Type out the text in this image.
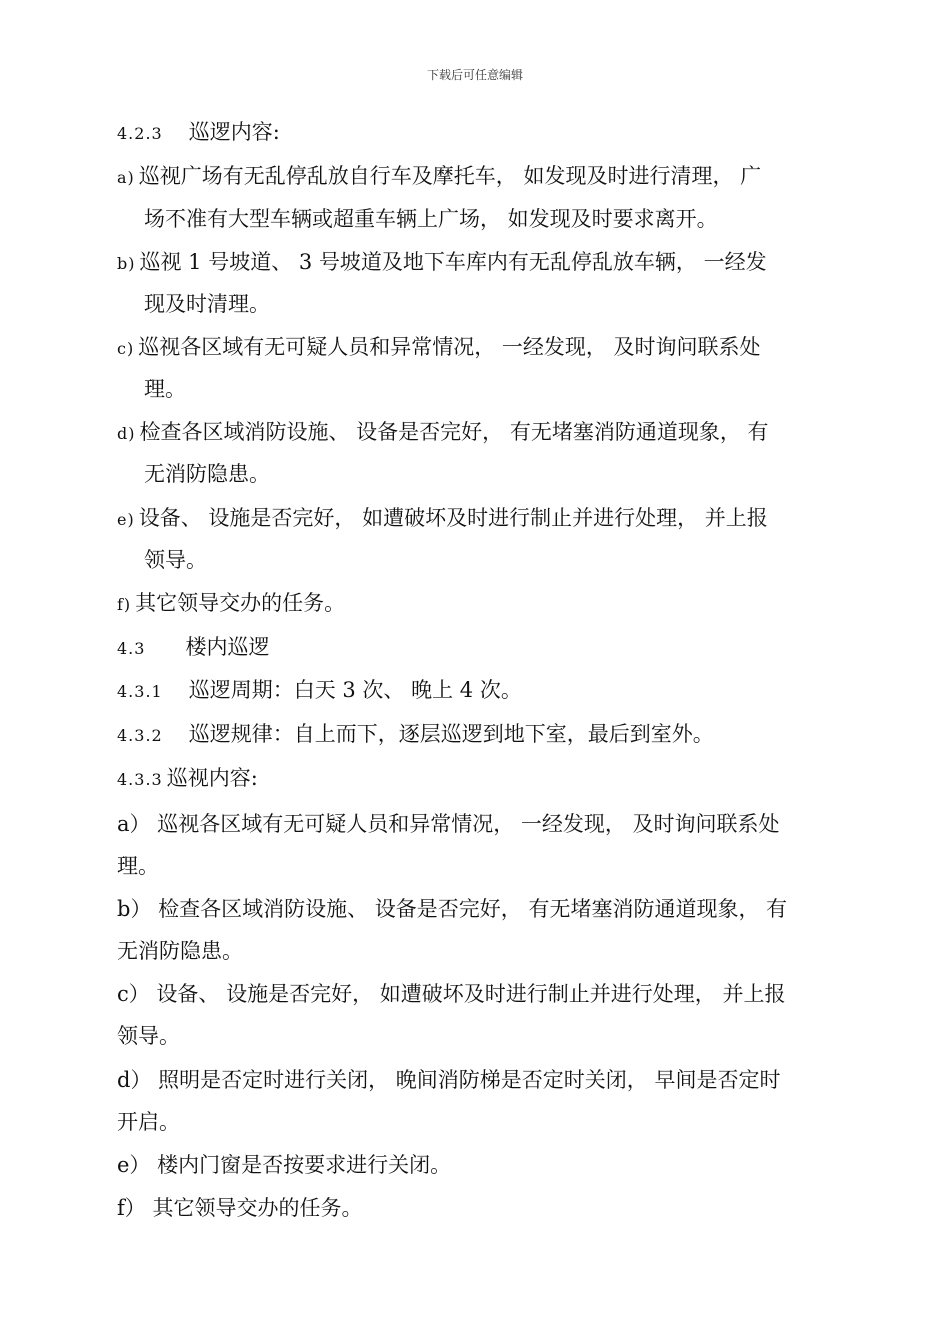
下载后可任意编辑
4.2.3 巡逻内容:
a) 巡视广场有无乱停乱放自行车及摩托车， 如发现及时进行清理， 广
场不准有大型车辆或超重车辆上广场， 如发现及时要求离开。
b) 巡视 1 号坡道、 3 号坡道及地下车库内有无乱停乱放车辆， 一经发
现及时清理。
c) 巡视各区域有无可疑人员和异常情况， 一经发现， 及时询问联系处
理。
d) 检查各区域消防设施、 设备是否完好， 有无堵塞消防通道现象， 有
无消防隐患。
e) 设备、 设施是否完好， 如遭破坏及时进行制止并进行处理， 并上报
领导。
f) 其它领导交办的任务。
4.3 楼内巡逻
4.3.1 巡逻周期：白天 3 次、 晚上 4 次。
4.3.2 巡逻规律：自上而下，逐层巡逻到地下室，最后到室外。
4.3.3 巡视内容:
a） 巡视各区域有无可疑人员和异常情况， 一经发现， 及时询问联系处
理。
b） 检查各区域消防设施、 设备是否完好， 有无堵塞消防通道现象， 有
无消防隐患。
c） 设备、 设施是否完好， 如遭破坏及时进行制止并进行处理， 并上报
领导。
d） 照明是否定时进行关闭， 晚间消防梯是否定时关闭， 早间是否定时
开启。
e） 楼内门窗是否按要求进行关闭。
f） 其它领导交办的任务。
